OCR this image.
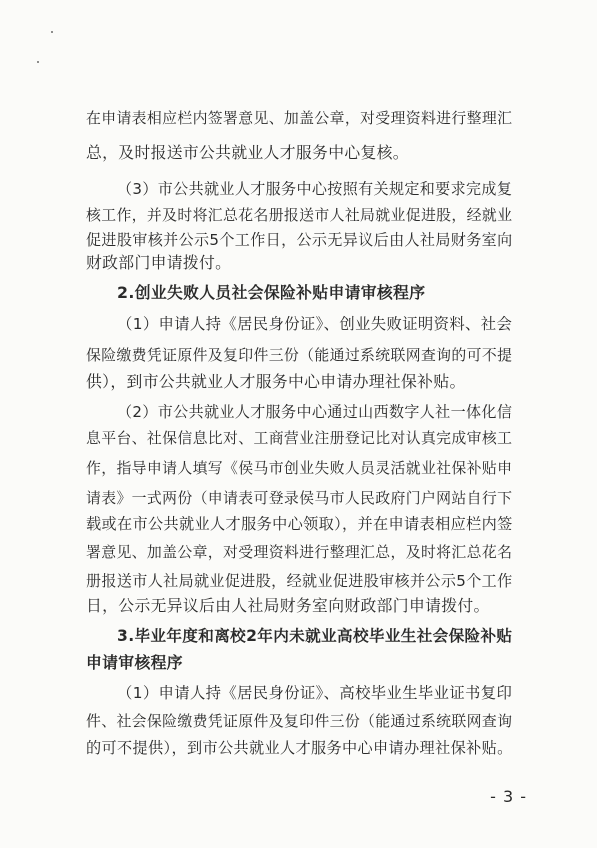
在申请表相应栏内签署意见、加盖公章，对受理资料进行整理汇
总，及时报送市公共就业人才服务中心复核。
（3）市公共就业人才服务中心按照有关规定和要求完成复
核工作，并及时将汇总花名册报送市人社局就业促进股，经就业
促进股审核并公示5个工作日，公示无异议后由人社局财务室向
财政部门申请拨付。
2.创业失败人员社会保险补贴申请审核程序
（1）申请人持《居民身份证》、创业失败证明资料、社会
保险缴费凭证原件及复印件三份（能通过系统联网查询的可不提
供），到市公共就业人才服务中心申请办理社保补贴。
（2）市公共就业人才服务中心通过山西数字人社一体化信
息平台、社保信息比对、工商营业注册登记比对认真完成审核工
作，指导申请人填写《侯马市创业失败人员灵活就业社保补贴申
请表》一式两份（申请表可登录侯马市人民政府门户网站自行下
载或在市公共就业人才服务中心领取），并在申请表相应栏内签
署意见、加盖公章，对受理资料进行整理汇总，及时将汇总花名
册报送市人社局就业促进股，经就业促进股审核并公示5个工作
日，公示无异议后由人社局财务室向财政部门申请拨付。
3.毕业年度和离校2年内未就业高校毕业生社会保险补贴
申请审核程序
（1）申请人持《居民身份证》、高校毕业生毕业证书复印
件、社会保险缴费凭证原件及复印件三份（能通过系统联网查询
的可不提供），到市公共就业人才服务中心申请办理社保补贴。
- 3 -
